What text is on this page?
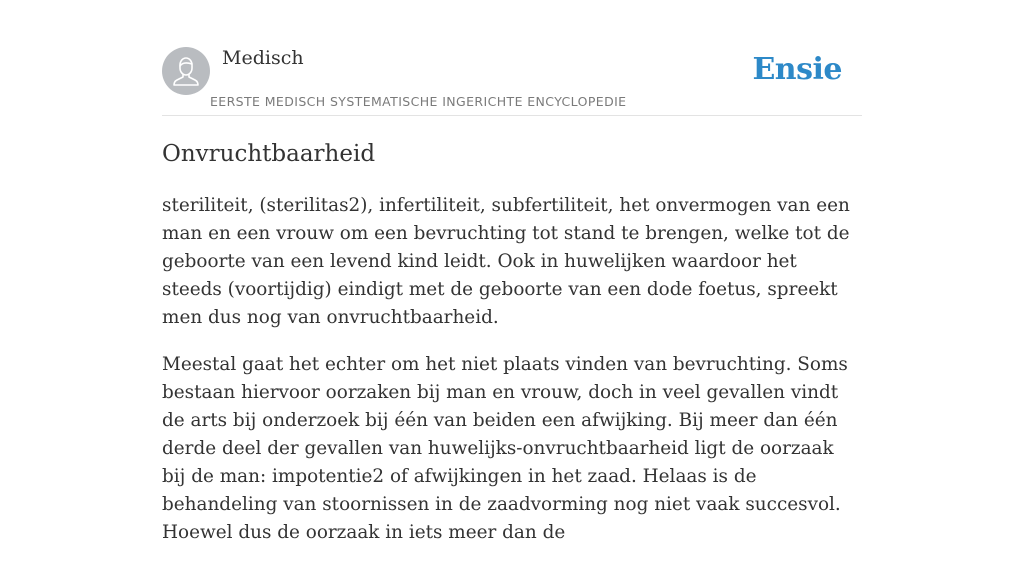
Medisch
EERSTE MEDISCH SYSTEMATISCHE INGERICHTE ENCYCLOPEDIE
Ensie
Onvruchtbaarheid

steriliteit, (sterilitas2), infertiliteit, subfertiliteit, het onvermogen van een man en een vrouw om een bevruchting tot stand te brengen, welke tot de geboorte van een levend kind leidt. Ook in huwelijken waardoor het steeds (voortijdig) eindigt met de geboorte van een dode foetus, spreekt men dus nog van onvruchtbaarheid.

Meestal gaat het echter om het niet plaats vinden van bevruchting. Soms bestaan hiervoor oorzaken bij man en vrouw, doch in veel gevallen vindt de arts bij onderzoek bij één van beiden een afwijking. Bij meer dan één derde deel der gevallen van huwelijks-onvruchtbaarheid ligt de oorzaak bij de man: impotentie2 of afwijkingen in het zaad. Helaas is de behandeling van stoornissen in de zaadvorming nog niet vaak succesvol. Hoewel dus de oorzaak in iets meer dan de
